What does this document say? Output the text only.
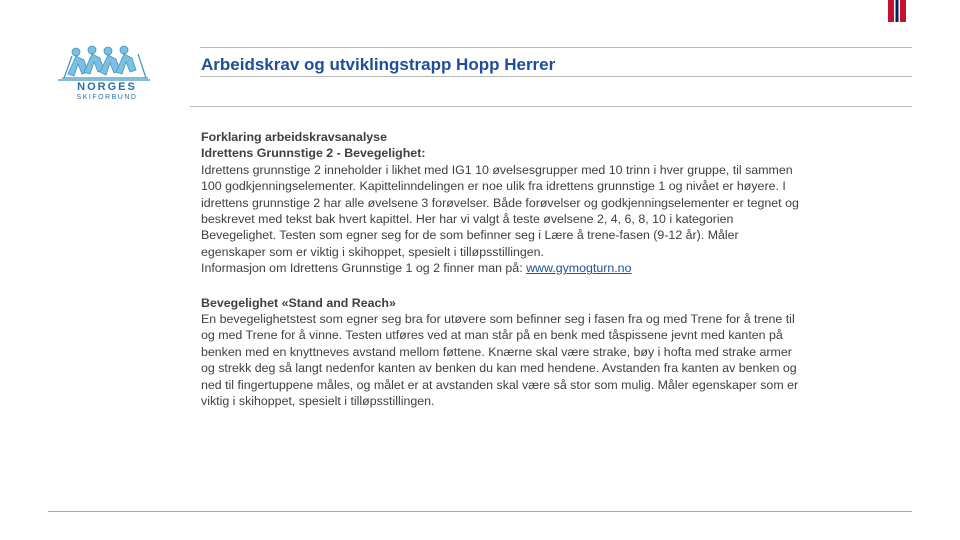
NORGES
SKIFORBUND
Arbeidskrav og utviklingstrapp Hopp Herrer

Forklaring arbeidskravsanalyse

Idrettens Grunnstige 2 - Bevegelighet:

Idrettens grunnstige 2 inneholder i likhet med IG1 10 øvelsesgrupper med 10 trinn i hver gruppe, til sammen 100 godkjenningselementer. Kapittelinndelingen er noe ulik fra idrettens grunnstige 1 og nivået er høyere. I idrettens grunnstige 2 har alle øvelsene 3 forøvelser. Både forøvelser og godkjenningselementer er tegnet og beskrevet med tekst bak hvert kapittel. Her har vi valgt å teste øvelsene 2, 4, 6, 8, 10 i kategorien Bevegelighet. Testen som egner seg for de som befinner seg i Lære å trene-fasen (9-12 år). Måler egenskaper som er viktig i skihoppet, spesielt i tilløpsstillingen.

Informasjon om Idrettens Grunnstige 1 og 2 finner man på: www.gymogturn.no

Bevegelighet «Stand and Reach»

En bevegelighetstest som egner seg bra for utøvere som befinner seg i fasen fra og med Trene for å trene til og med Trene for å vinne. Testen utføres ved at man står på en benk med tåspissene jevnt med kanten på benken med en knyttneves avstand mellom føttene. Knærne skal være strake, bøy i hofta med strake armer og strekk deg så langt nedenfor kanten av benken du kan med hendene. Avstanden fra kanten av benken og ned til fingertuppene måles, og målet er at avstanden skal være så stor som mulig. Måler egenskaper som er viktig i skihoppet, spesielt i tilløpsstillingen.
